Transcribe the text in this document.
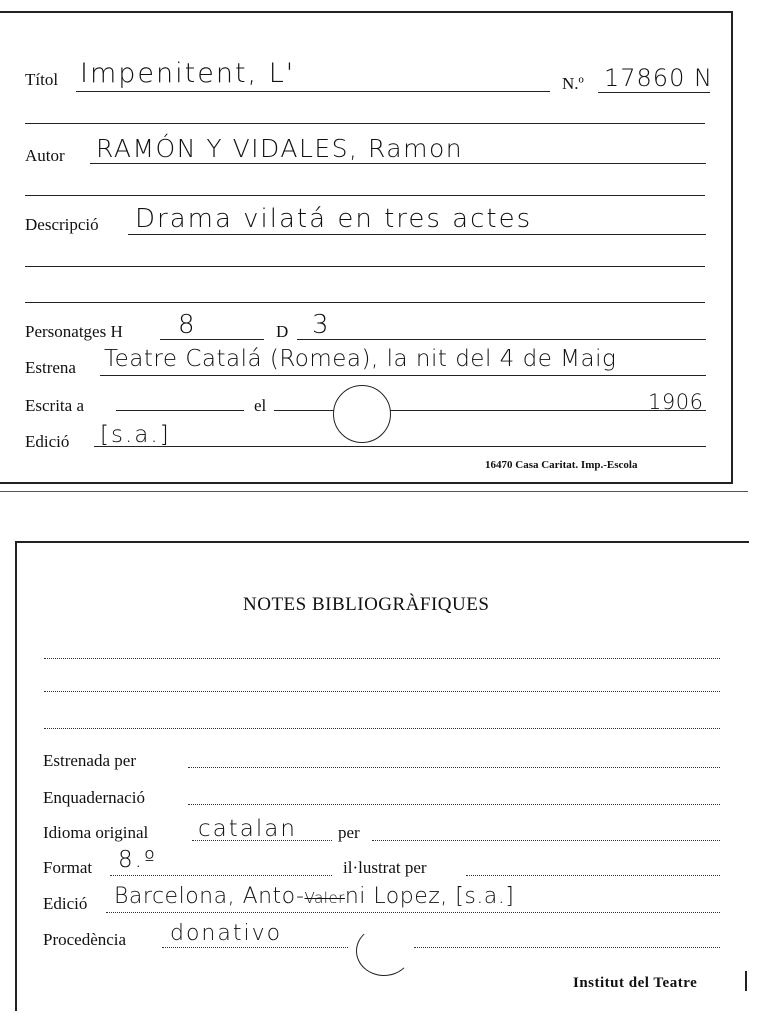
Títol Impenitent, L'	N.º 17860 N
Autor RAMÓN Y VIDALES, Ramon
Descripció Drama vilatá en tres actes
Personatges H 8	D 3
Estrena Teatre Catalá (Romea), la nit del 4 de Maig
Escrita a	el	1906
Edició [s.a.]
16470 Casa Caritat. Imp.-Escola
NOTES BIBLIOGRÀFIQUES
Estrenada per
Enquadernació
Idioma original catalan per
Format 8.º	il·lustrat per
Edició Barcelona, Anto-Valerni Lopez, [s.a.]
Procedència donativo
Institut del Teatre
